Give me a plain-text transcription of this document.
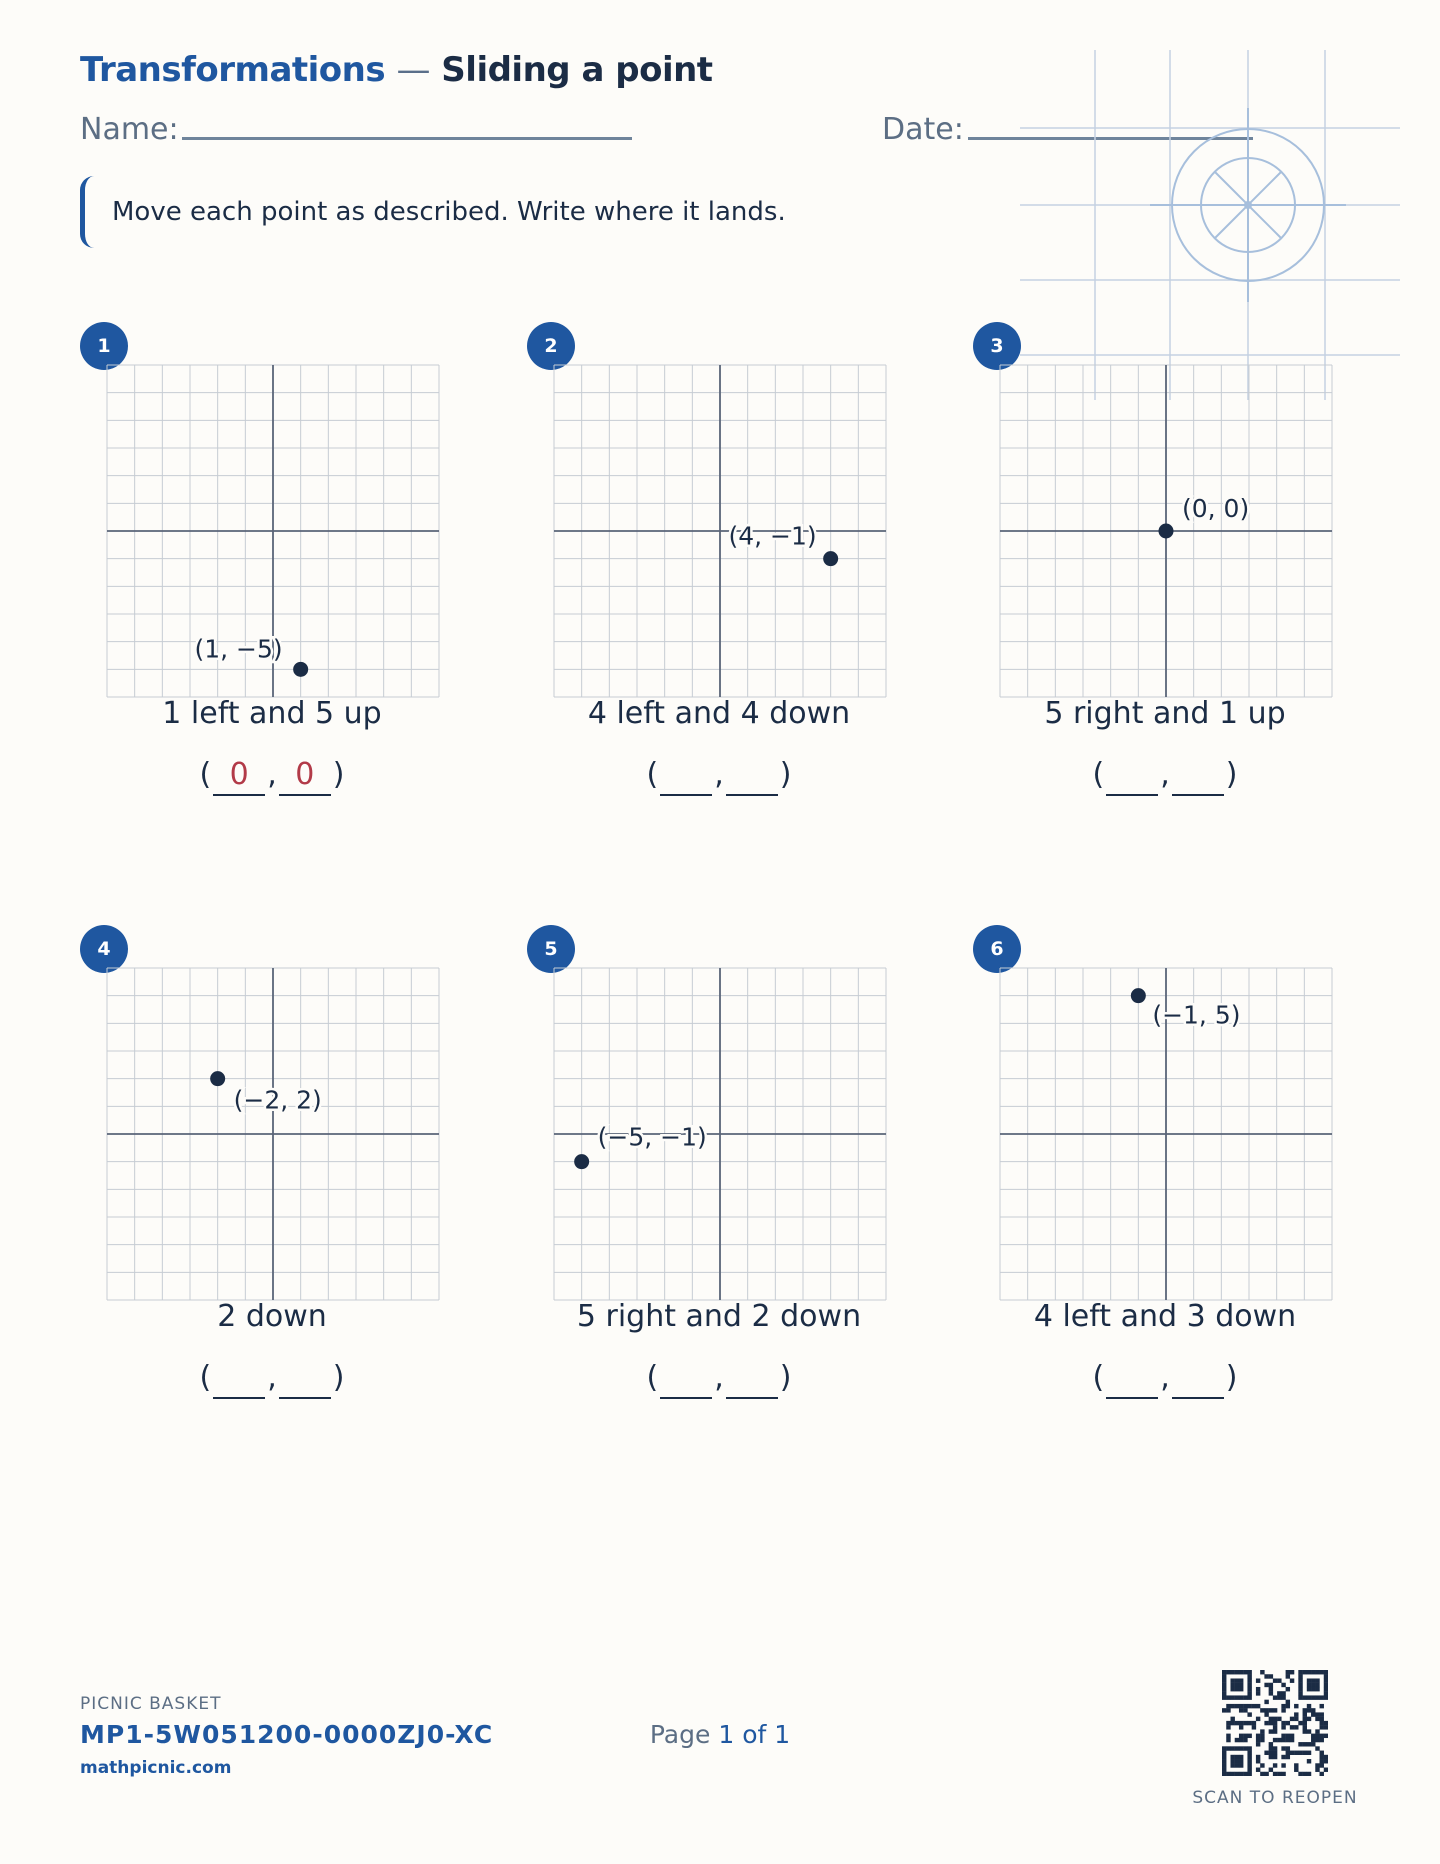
Transformations — Sliding a point
Name:	Date:
Move each point as described. Write where it lands.
1
(1, −5)
1 left and 5 up
( 0 , 0 )
2
(4, −1)
4 left and 4 down
( , )
3
(0, 0)
5 right and 1 up
( , )
4
(−2, 2)
2 down
( , )
5
(−5, −1)
5 right and 2 down
( , )
6
(−1, 5)
4 left and 3 down
( , )
PICNIC BASKET
MP1-5W051200-0000ZJ0-XC
mathpicnic.com
Page 1 of 1
SCAN TO REOPEN
